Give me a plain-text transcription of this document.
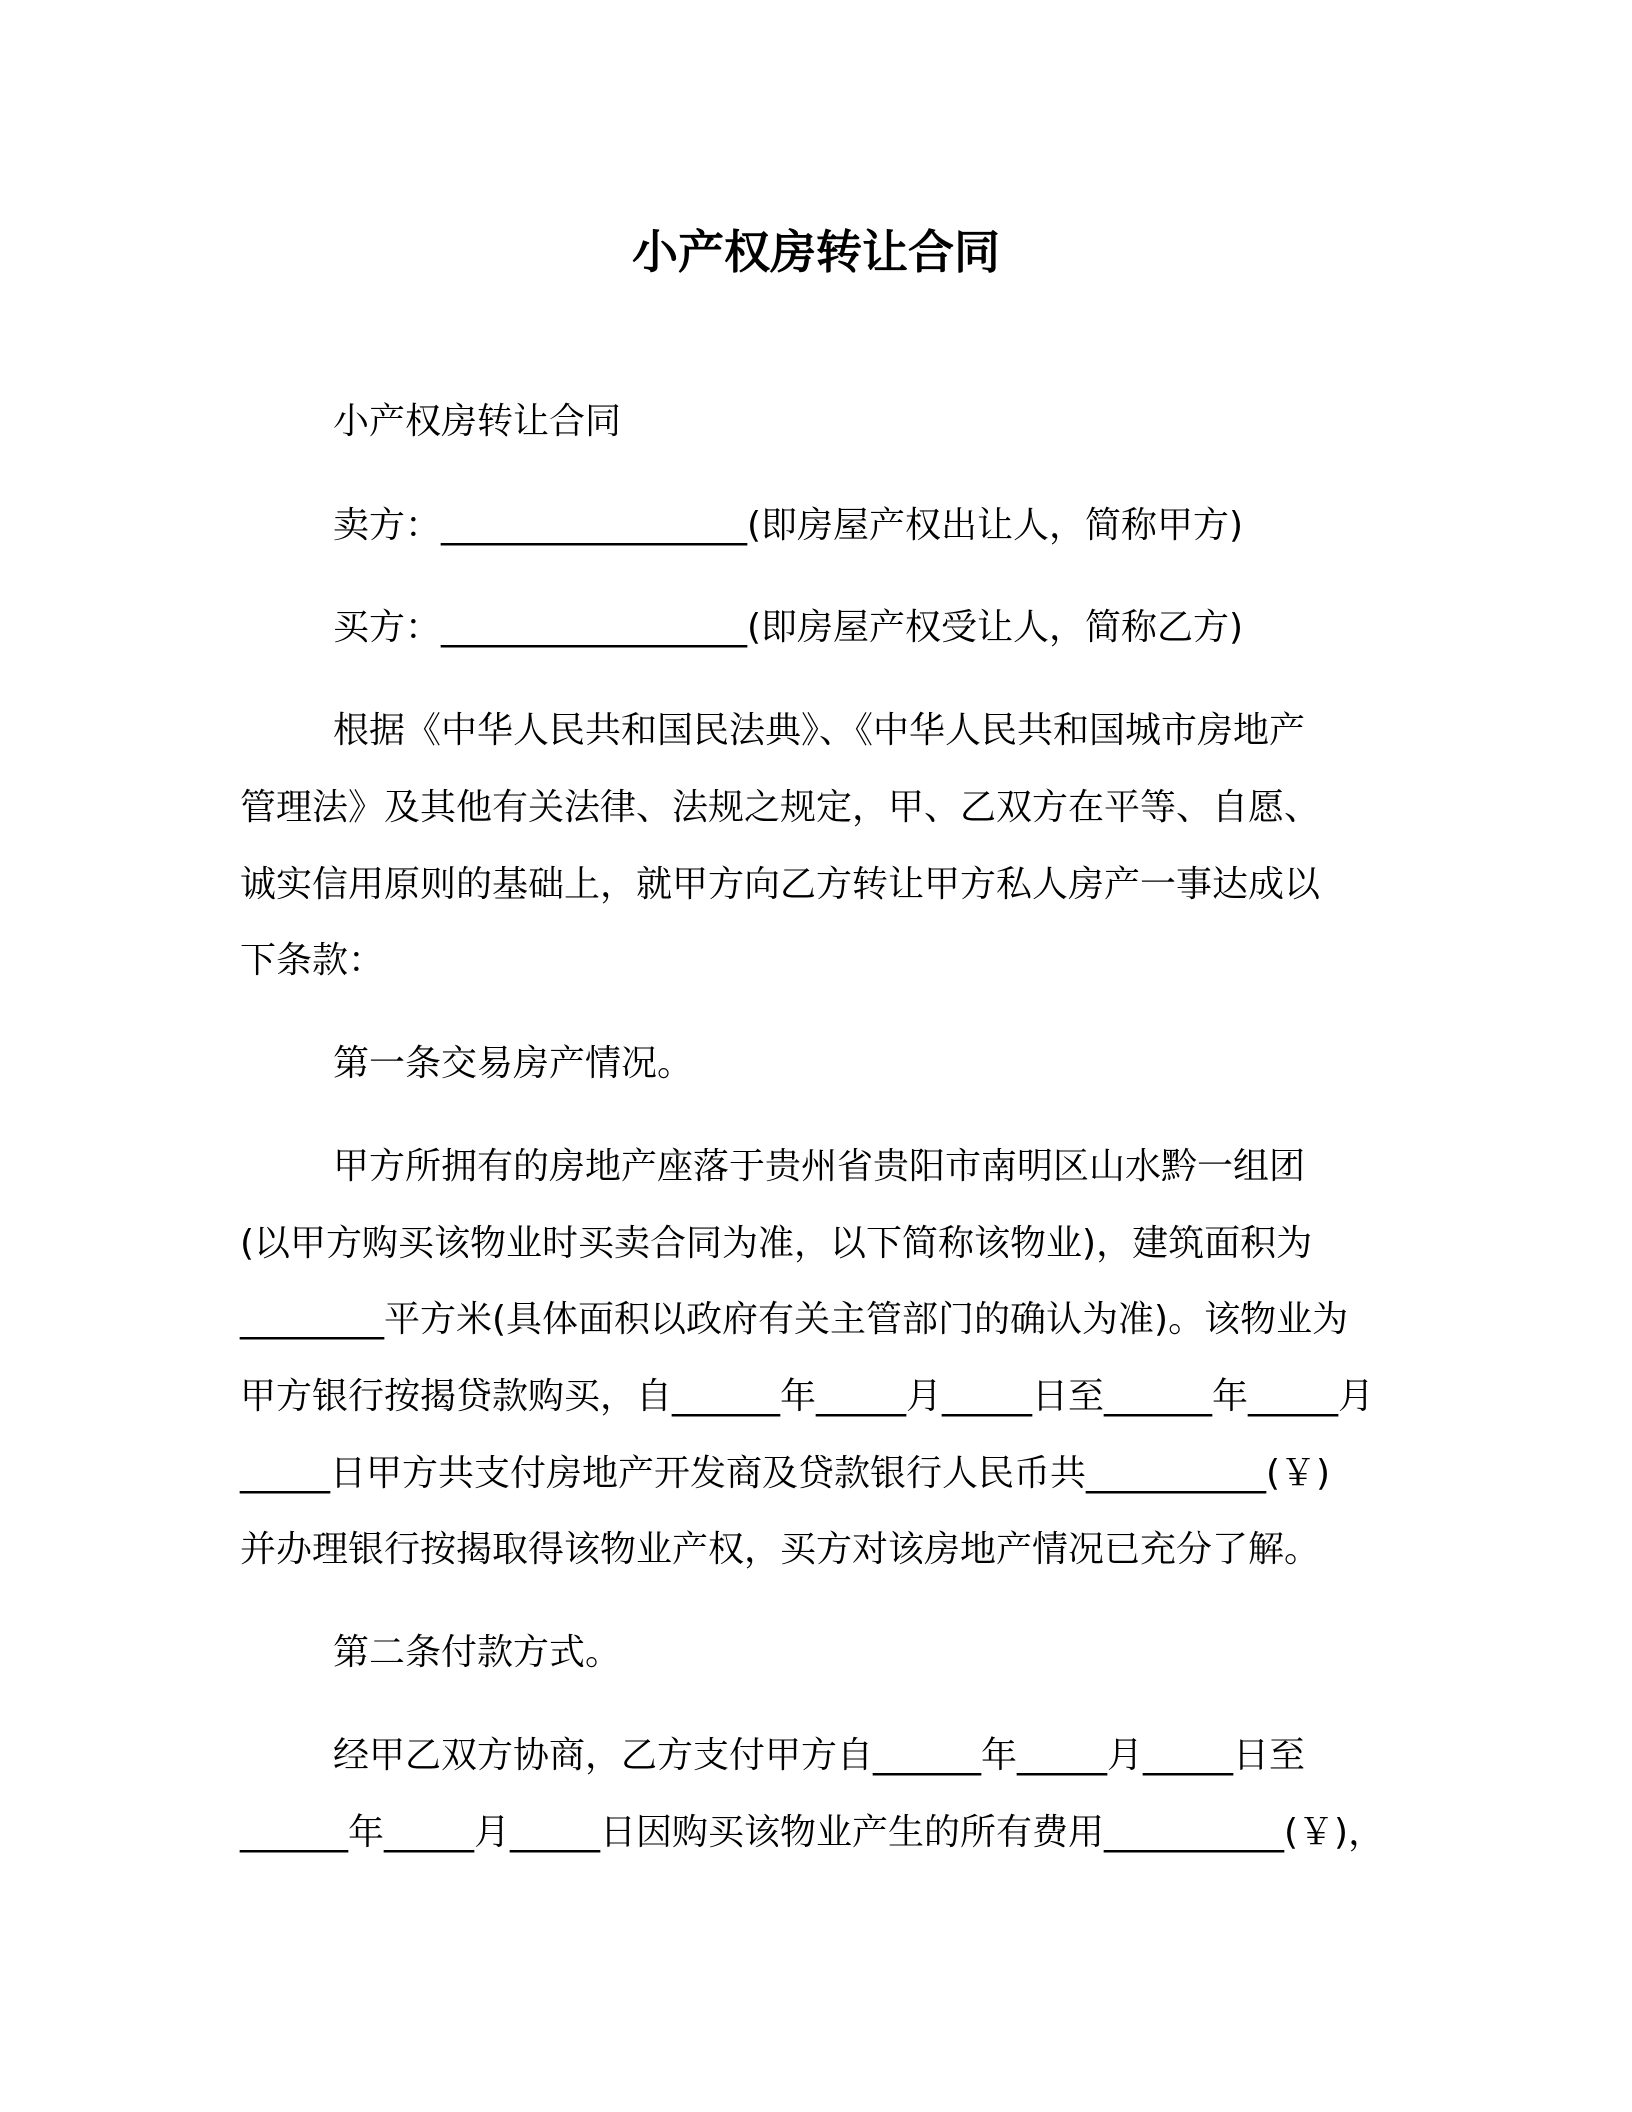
小产权房转让合同
小产权房转让合同
卖方：_________________(即房屋产权出让人，简称甲方)
买方：_________________(即房屋产权受让人，简称乙方)
根据《中华人民共和国民法典》、《中华人民共和国城市房地产
管理法》及其他有关法律、法规之规定，甲、乙双方在平等、自愿、
诚实信用原则的基础上，就甲方向乙方转让甲方私人房产一事达成以
下条款：
第一条交易房产情况。
甲方所拥有的房地产座落于贵州省贵阳市南明区山水黔一组团
(以甲方购买该物业时买卖合同为准，以下简称该物业)，建筑面积为
________平方米(具体面积以政府有关主管部门的确认为准)。该物业为
甲方银行按揭贷款购买，自______年_____月_____日至______年_____月
_____日甲方共支付房地产开发商及贷款银行人民币共__________(￥)
并办理银行按揭取得该物业产权，买方对该房地产情况已充分了解。
第二条付款方式。
经甲乙双方协商，乙方支付甲方自______年_____月_____日至
______年_____月_____日因购买该物业产生的所有费用__________(￥)，
